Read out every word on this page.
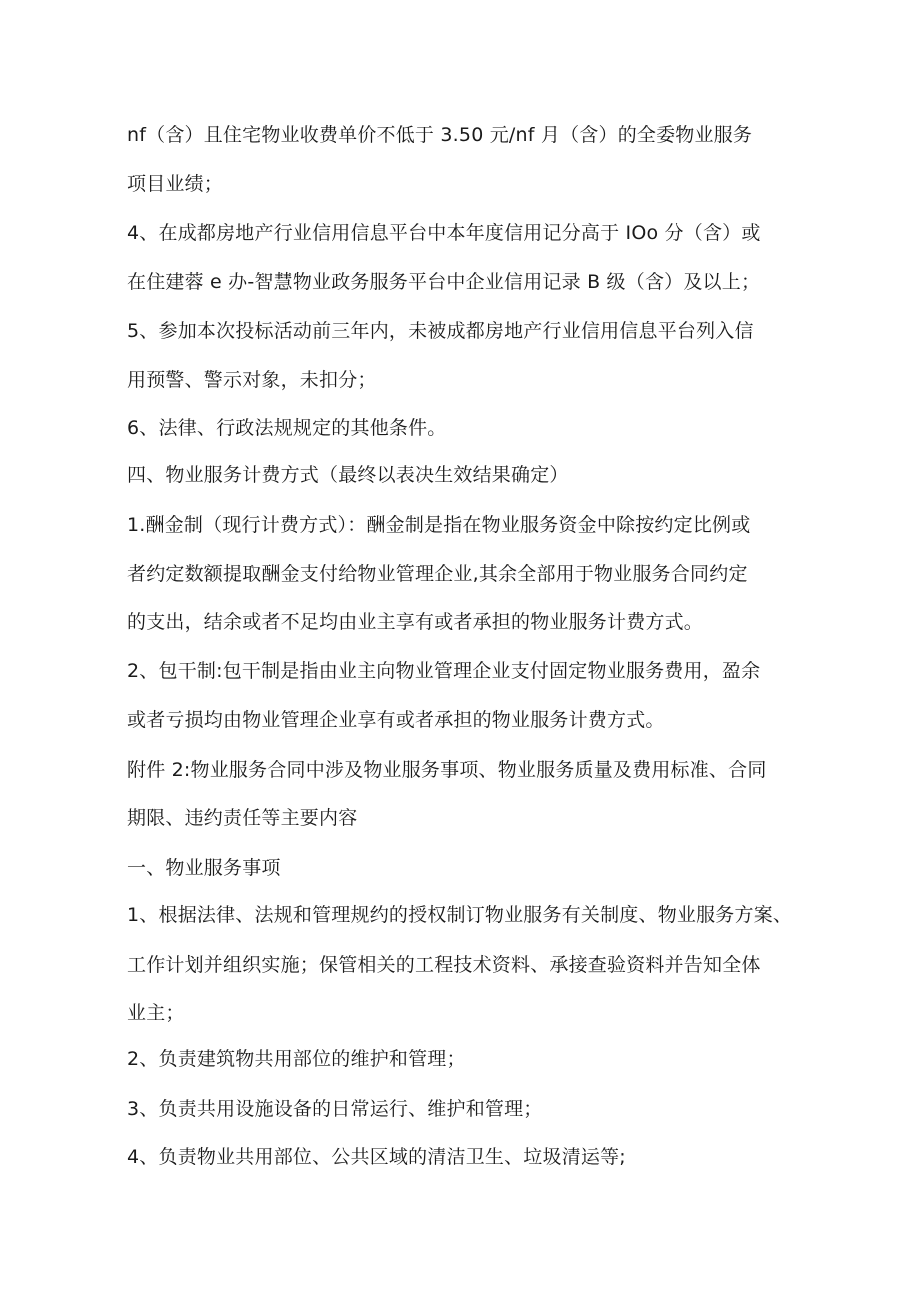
nf（含）且住宅物业收费单价不低于 3.50 元/nf 月（含）的全委物业服务
项目业绩；
4、在成都房地产行业信用信息平台中本年度信用记分高于 IOo 分（含）或
在住建蓉 e 办-智慧物业政务服务平台中企业信用记录 B 级（含）及以上；
5、参加本次投标活动前三年内，未被成都房地产行业信用信息平台列入信
用预警、警示对象，未扣分；
6、法律、行政法规规定的其他条件。
四、物业服务计费方式（最终以表决生效结果确定）
1.酬金制（现行计费方式）：酬金制是指在物业服务资金中除按约定比例或
者约定数额提取酬金支付给物业管理企业,其余全部用于物业服务合同约定
的支出，结余或者不足均由业主享有或者承担的物业服务计费方式。
2、包干制:包干制是指由业主向物业管理企业支付固定物业服务费用，盈余
或者亏损均由物业管理企业享有或者承担的物业服务计费方式。
附件 2:物业服务合同中涉及物业服务事项、物业服务质量及费用标准、合同
期限、违约责任等主要内容
一、物业服务事项
1、根据法律、法规和管理规约的授权制订物业服务有关制度、物业服务方案、
工作计划并组织实施；保管相关的工程技术资料、承接查验资料并告知全体
业主；
2、负责建筑物共用部位的维护和管理；
3、负责共用设施设备的日常运行、维护和管理；
4、负责物业共用部位、公共区域的清洁卫生、垃圾清运等;
